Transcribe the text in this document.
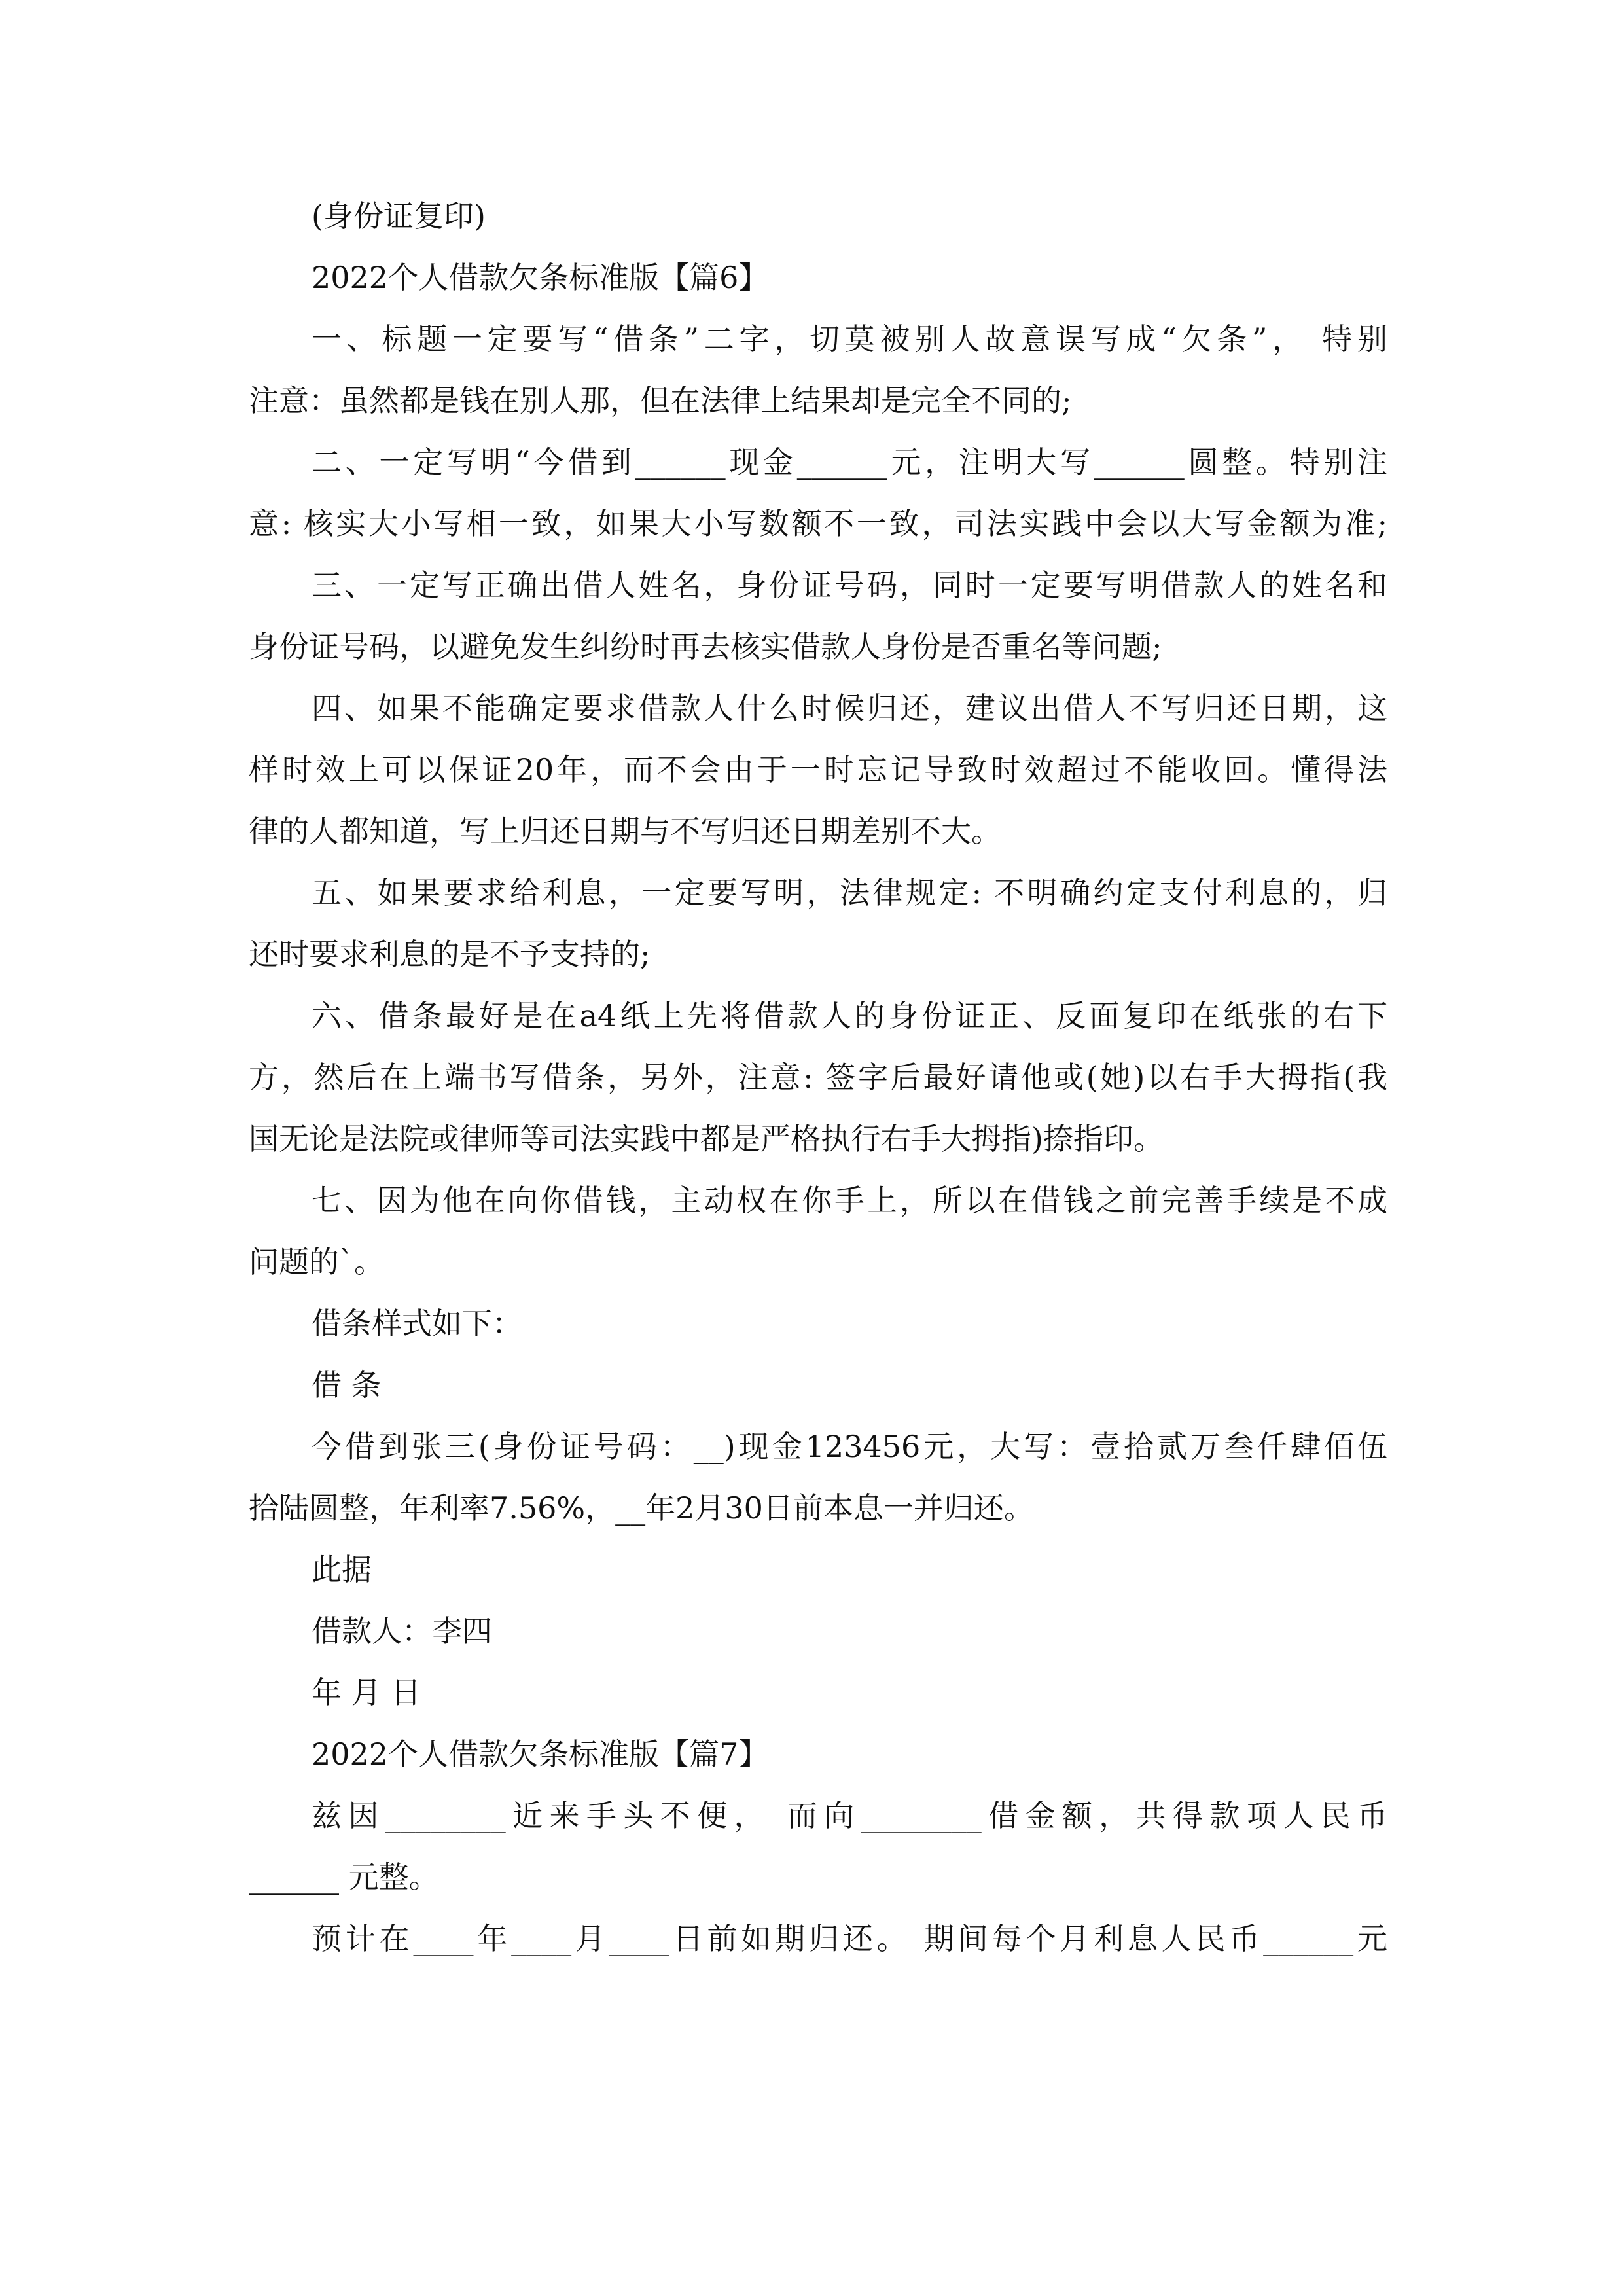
(身份证复印)
2022个人借款欠条标准版【篇6】
一、标题一定要写“借条”二字，切莫被别人故意误写成“欠条”， 特别
注意：虽然都是钱在别人那，但在法律上结果却是完全不同的;
二、一定写明“今借到______现金______元，注明大写______圆整。特别注
意: 核实大小写相一致，如果大小写数额不一致，司法实践中会以大写金额为准;
三、一定写正确出借人姓名，身份证号码，同时一定要写明借款人的姓名和
身份证号码，以避免发生纠纷时再去核实借款人身份是否重名等问题;
四、如果不能确定要求借款人什么时候归还，建议出借人不写归还日期，这
样时效上可以保证20年，而不会由于一时忘记导致时效超过不能收回。懂得法
律的人都知道，写上归还日期与不写归还日期差别不大。
五、如果要求给利息，一定要写明，法律规定: 不明确约定支付利息的，归
还时要求利息的是不予支持的;
六、借条最好是在a4纸上先将借款人的身份证正、反面复印在纸张的右下
方，然后在上端书写借条，另外，注意: 签字后最好请他或(她)以右手大拇指(我
国无论是法院或律师等司法实践中都是严格执行右手大拇指)捺指印。
七、因为他在向你借钱，主动权在你手上，所以在借钱之前完善手续是不成
问题的`。
借条样式如下：
借 条
今借到张三(身份证号码：__)现金123456元，大写：壹拾贰万叁仟肆佰伍
拾陆圆整，年利率7.56%，__年2月30日前本息一并归还。
此据
借款人：李四
年 月 日
2022个人借款欠条标准版【篇7】
兹因________近来手头不便， 而向________借金额，共得款项人民币
______ 元整。
预计在____年____月____日前如期归还。 期间每个月利息人民币______元
